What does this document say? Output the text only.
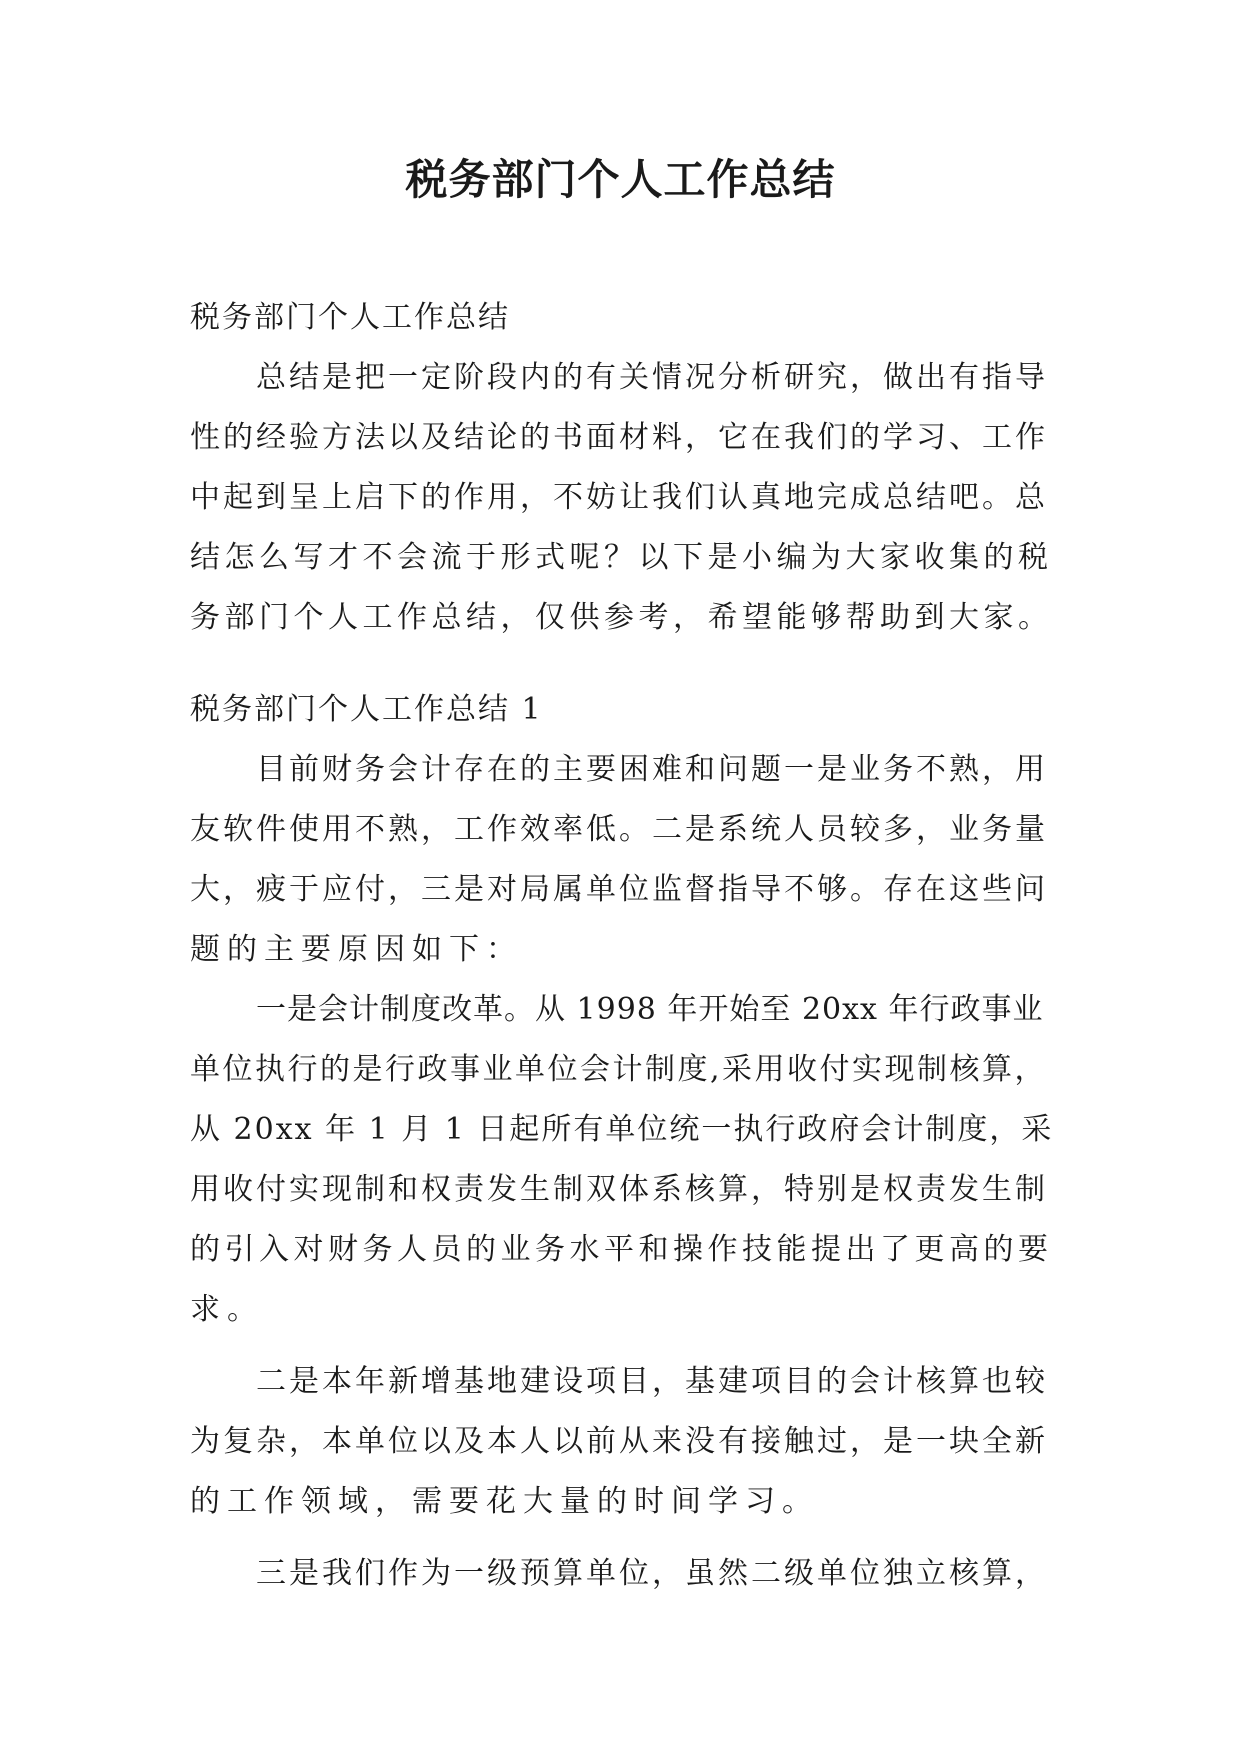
税务部门个人工作总结
税务部门个人工作总结
总结是把一定阶段内的有关情况分析研究，做出有指导
性的经验方法以及结论的书面材料，它在我们的学习、工作
中起到呈上启下的作用，不妨让我们认真地完成总结吧。总
结怎么写才不会流于形式呢？以下是小编为大家收集的税
务部门个人工作总结，仅供参考，希望能够帮助到大家。
税务部门个人工作总结 1
目前财务会计存在的主要困难和问题一是业务不熟，用
友软件使用不熟，工作效率低。二是系统人员较多，业务量
大，疲于应付，三是对局属单位监督指导不够。存在这些问
题的主要原因如下：
一是会计制度改革。从 1998 年开始至 20xx 年行政事业
单位执行的是行政事业单位会计制度,采用收付实现制核算，
从 20xx 年 1 月 1 日起所有单位统一执行政府会计制度，采
用收付实现制和权责发生制双体系核算，特别是权责发生制
的引入对财务人员的业务水平和操作技能提出了更高的要
求。
二是本年新增基地建设项目，基建项目的会计核算也较
为复杂，本单位以及本人以前从来没有接触过，是一块全新
的工作领域，需要花大量的时间学习。
三是我们作为一级预算单位，虽然二级单位独立核算，
